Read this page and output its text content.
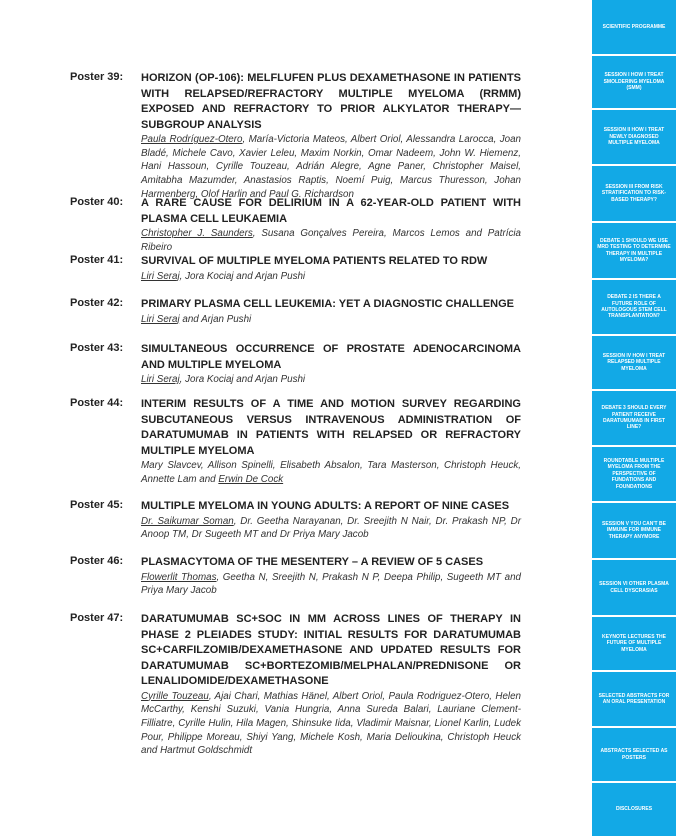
Poster 39: HORIZON (OP-106): MELFLUFEN PLUS DEXAMETHASONE IN PATIENTS WITH RELAPSED/REFRACTORY MULTIPLE MYELOMA (RRMM) EXPOSED AND REFRACTORY TO PRIOR ALKYLATOR THERAPY—SUBGROUP ANALYSIS
Paula Rodríguez-Otero, María-Victoria Mateos, Albert Oriol, Alessandra Larocca, Joan Bladé, Michele Cavo, Xavier Leleu, Maxim Norkin, Omar Nadeem, John W. Hiemenz, Hani Hassoun, Cyrille Touzeau, Adrián Alegre, Agne Paner, Christopher Maisel, Amitabha Mazumder, Anastasios Raptis, Noemí Puig, Marcus Thuresson, Johan Harmenberg, Olof Harlin and Paul G. Richardson
Poster 40: A RARE CAUSE FOR DELIRIUM IN A 62-YEAR-OLD PATIENT WITH PLASMA CELL LEUKAEMIA
Christopher J. Saunders, Susana Gonçalves Pereira, Marcos Lemos and Patrícia Ribeiro
Poster 41: SURVIVAL OF MULTIPLE MYELOMA PATIENTS RELATED TO RDW
Liri Seraj, Jora Kociaj and Arjan Pushi
Poster 42: PRIMARY PLASMA CELL LEUKEMIA: YET A DIAGNOSTIC CHALLENGE
Liri Seraj and Arjan Pushi
Poster 43: SIMULTANEOUS OCCURRENCE OF PROSTATE ADENOCARCINOMA AND MULTIPLE MYELOMA
Liri Seraj, Jora Kociaj and Arjan Pushi
Poster 44: INTERIM RESULTS OF A TIME AND MOTION SURVEY REGARDING SUBCUTANEOUS VERSUS INTRAVENOUS ADMINISTRATION OF DARATUMUMAB IN PATIENTS WITH RELAPSED OR REFRACTORY MULTIPLE MYELOMA
Mary Slavcev, Allison Spinelli, Elisabeth Absalon, Tara Masterson, Christoph Heuck, Annette Lam and Erwin De Cock
Poster 45: MULTIPLE MYELOMA IN YOUNG ADULTS: A REPORT OF NINE CASES
Dr. Saikumar Soman, Dr. Geetha Narayanan, Dr. Sreejith N Nair, Dr. Prakash NP, Dr Anoop TM, Dr Sugeeth MT and Dr Priya Mary Jacob
Poster 46: PLASMACYTOMA OF THE MESENTERY – A REVIEW OF 5 CASES
Flowerlit Thomas, Geetha N, Sreejith N, Prakash N P, Deepa Philip, Sugeeth MT and Priya Mary Jacob
Poster 47: DARATUMUMAB SC+SOC IN MM ACROSS LINES OF THERAPY IN PHASE 2 PLEIADES STUDY: INITIAL RESULTS FOR DARATUMUMAB SC+CARFILZOMIB/DEXAMETHASONE AND UPDATED RESULTS FOR DARATUMUMAB SC+BORTEZOMIB/MELPHALAN/PREDNISONE OR LENALIDOMIDE/DEXAMETHASONE
Cyrille Touzeau, Ajai Chari, Mathias Hänel, Albert Oriol, Paula Rodriguez-Otero, Helen McCarthy, Kenshi Suzuki, Vania Hungria, Anna Sureda Balari, Lauriane Clement-Filliatre, Cyrille Hulin, Hila Magen, Shinsuke Iida, Vladimir Maisnar, Lionel Karlin, Ludek Pour, Philippe Moreau, Shiyi Yang, Michele Kosh, Maria Delioukina, Christoph Heuck and Hartmut Goldschmidt
SCIENTIFIC PROGRAMME
SESSION I HOW I TREAT SMOLDERING MYELOMA (SMM)
SESSION II HOW I TREAT NEWLY DIAGNOSED MULTIPLE MYELOMA
SESSION III FROM RISK STRATIFICATION TO RISK-BASED THERAPY?
DEBATE 1 SHOULD WE USE MRD TESTING TO DETERMINE THERAPY IN MULTIPLE MYELOMA?
DEBATE 2 IS THERE A FUTURE ROLE OF AUTOLOGOUS STEM CELL TRANSPLANTATION?
SESSION IV HOW I TREAT RELAPSED MULTIPLE MYELOMA
DEBATE 3 SHOULD EVERY PATIENT RECEIVE DARATUMUMAB IN FIRST LINE?
ROUNDTABLE MULTIPLE MYELOMA FROM THE PERSPECTIVE OF FUNDATIONS AND FOUNDATIONS
SESSION V YOU CAN'T BE IMMUNE FOR IMMUNE THERAPY ANYMORE
SESSION VI OTHER PLASMA CELL DYSCRASIAS
KEYNOTE LECTURES THE FUTURE OF MULTIPLE MYELOMA
SELECTED ABSTRACTS FOR AN ORAL PRESENTATION
ABSTRACTS SELECTED AS POSTERS
DISCLOSURES
